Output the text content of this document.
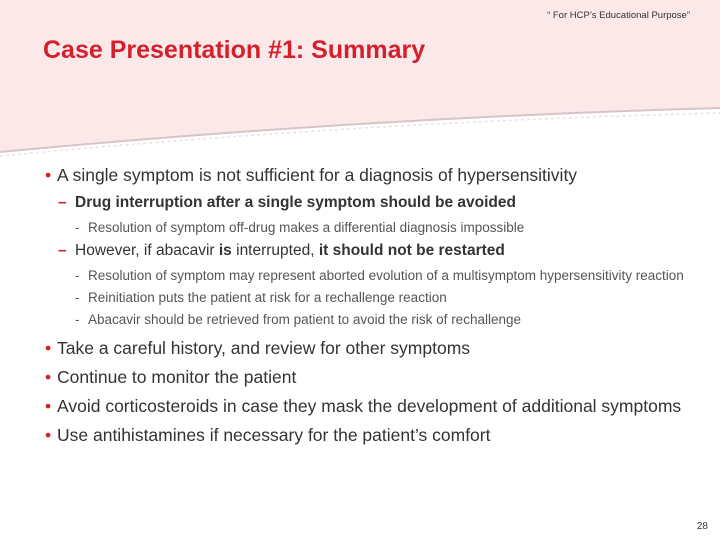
“ For HCP’s Educational Purpose”
Case Presentation #1: Summary
• A single symptom is not sufficient for a diagnosis of hypersensitivity
– Drug interruption after a single symptom should be avoided
- Resolution of symptom off-drug makes a differential diagnosis impossible
– However, if abacavir is interrupted, it should not be restarted
- Resolution of symptom may represent aborted evolution of a multisymptom hypersensitivity reaction
- Reinitiation puts the patient at risk for a rechallenge reaction
- Abacavir should be retrieved from patient to avoid the risk of rechallenge
• Take a careful history, and review for other symptoms
• Continue to monitor the patient
• Avoid corticosteroids in case they mask the development of additional symptoms
• Use antihistamines if necessary for the patient’s comfort
28
